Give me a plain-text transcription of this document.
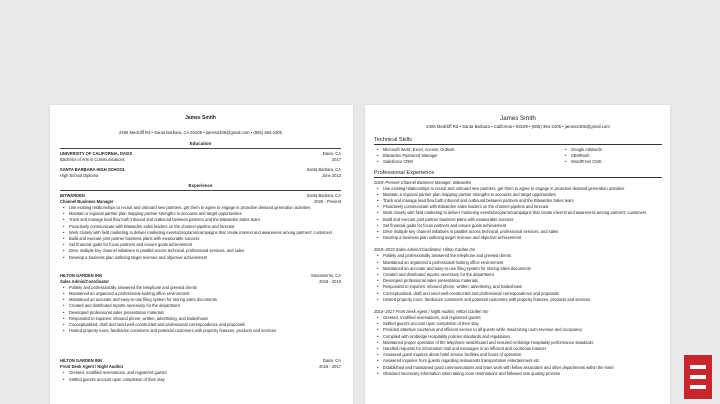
James Smith
2405 Medcliff Rd • Santa Barbara, CA 93109 • james2405@gmail.com • (805) 364-2405
Education
UNIVERSITY OF CALIFORNIA, DAVIS	Davis, CA
Bachelor of Arts in Communications	2017
SANTA BARBARA HIGH SCHOOL	Santa Barbara, CA
High School Diploma	June 2012
Experience
BITWARDEN	Santa Barbara, CA
Channel Business Manager	2020 - Present
• Use existing relationships to recruit and onboard new partners, get them to agree to engage in proactive demand generation activities
• Maintain a regional partner plan mapping partner strengths to accounts and target opportunities
• Track and manage lead flow both inbound and outbound between partners and the Bitwarden Sales team
• Proactively communicate with Bitwarden sales leaders on the channel pipeline and forecast
• Work closely with field marketing to deliver marketing events/programs/campaigns that create interest and awareness among partners' customers
• Build and execute joint partner business plans with measurable success
• Set financial goals for focus partners and ensure goals achievement
• Drive multiple key channel initiatives in parallel across technical, professional services, and sales
• Develop a business plan outlining target revenue and objective achievement
HILTON GARDEN INN	Sacramento, CA
Sales Admin/Coordinator	2018 - 2019
• Politely and professionally answered the telephone and greeted clients
• Maintained an organized a professional-looking office environment
• Maintained an accurate and easy-to-use filing system for storing sales documents
• Created and distributed reports necessary for the department
• Developed professional sales presentation materials
• Responded to inquiries: inbound phone, written, advertising, and tradeshows
• Conceptualized, draft and send well-constructed and professional correspondence and proposals
• Hosted property tours, familiarize customers and potential customers with property features, products and services
HILTON GARDEN INN	Davis, CA
Front Desk Agent / Night Auditor	2016 - 2017
• Greeted, modified reservations, and registered guests
• Settled guest's account upon completion of their stay
James Smith
2405 Medcliff Rd • Santa Barbara • California • 93109 • (805) 364-2405 • james2405@gmail.com
Technical Skills
• Microsoft Word, Excel, Access, Outlook
• Bitwarden Password Manager
• Salesforce CRM
• Google AdWords
• SEMRush
• WordPress CMS
Professional Experience
2020–Present Channel Business Manager, Bitwarden
• Use existing relationships to recruit and onboard new partners, get them to agree to engage in proactive demand generation activities
• Maintain a regional partner plan mapping partner strengths to accounts and target opportunities
• Track and manage lead flow both inbound and outbound between partners and the Bitwarden Sales team
• Proactively communicate with Bitwarden sales leaders on the channel pipeline and forecast
• Work closely with field marketing to deliver marketing events/programs/campaigns that create interest and awareness among partners' customers
• Build and execute joint partner business plans with measurable success
• Set financial goals for focus partners and ensure goals achievement
• Drive multiple key channel initiatives in parallel across technical, professional services, and sales
• Develop a business plan outlining target revenue and objective achievement
2018–2019 Sales Admin/Coordinator, Hilton Garden Inn
• Politely and professionally answered the telephone and greeted clients
• Maintained an organized a professional-looking office environment
• Maintained an accurate and easy-to-use filing system for storing sales documents
• Created and distributed reports necessary for the department
• Developed professional sales presentation materials
• Responded to inquiries: inbound phone, written, advertising, and tradeshows
• Conceptualized, draft and send well-constructed and professional correspondence and proposals
• Hosted property tours, familiarize customers and potential customers with property features, products and services
2016–2017 Front Desk Agent / Night Auditor, Hilton Garden Inn
• Greeted, modified reservations, and registered guests
• Settled guest's account upon completion of their stay
• Provided attentive courteous and efficient service to all guests while maximizing room revenue and occupancy
• Complied with Ambridge Hospitality policies standards and regulations
• Maintained proper operation of the telephone switchboard and ensured Ambridge Hospitality performance standards
• Handled requests for information mail and messages in an efficient and courteous manner
• Answered guest inquires about hotel service facilities and hours of operation
• Answered inquiries from guests regarding restaurants transportation entertainment etc.
• Established and maintained good communications and team work with fellow associates and other departments within the hotel
• Obtained necessary information when taking room reservations and followed rate quoting process
